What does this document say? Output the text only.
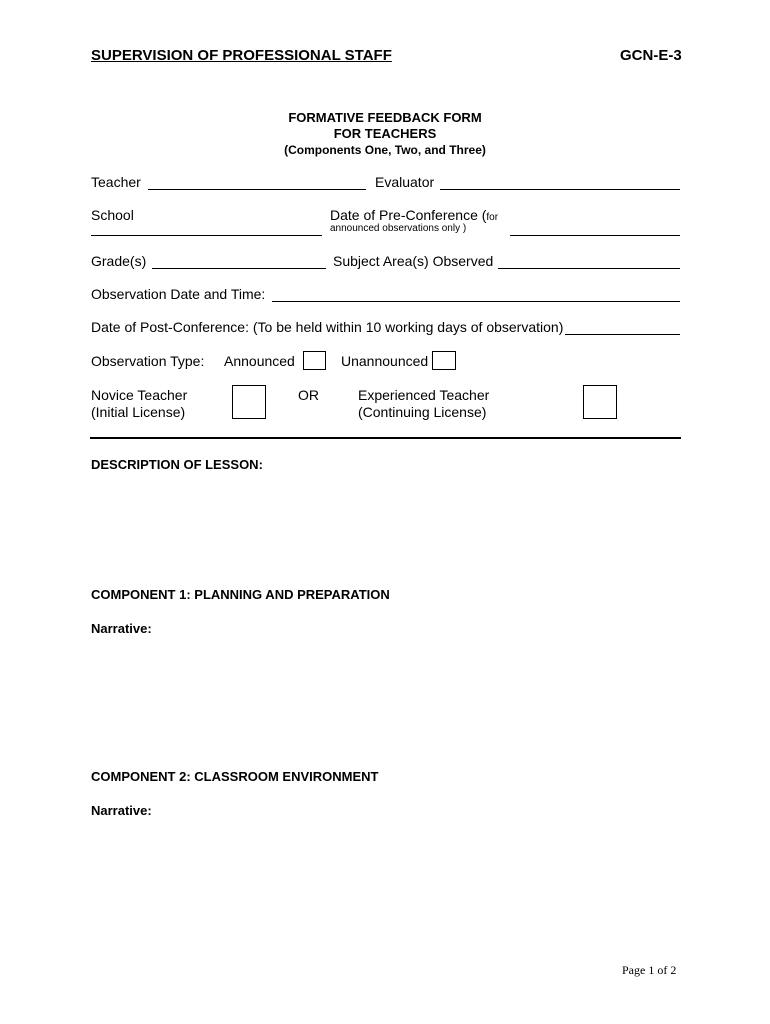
SUPERVISION OF PROFESSIONAL STAFF	GCN-E-3
FORMATIVE FEEDBACK FORM
FOR TEACHERS
(Components One, Two, and Three)
Teacher	Evaluator
School	Date of Pre-Conference (for
announced observations only )
Grade(s)	Subject Area(s) Observed
Observation Date and Time:
Date of Post-Conference: (To be held within 10 working days of observation)
Observation Type: Announced	Unannounced
Novice Teacher
(Initial License)
OR	Experienced Teacher
(Continuing License)
DESCRIPTION OF LESSON:
COMPONENT 1: PLANNING AND PREPARATION
Narrative:
COMPONENT 2: CLASSROOM ENVIRONMENT
Narrative:
Page 1 of 2
